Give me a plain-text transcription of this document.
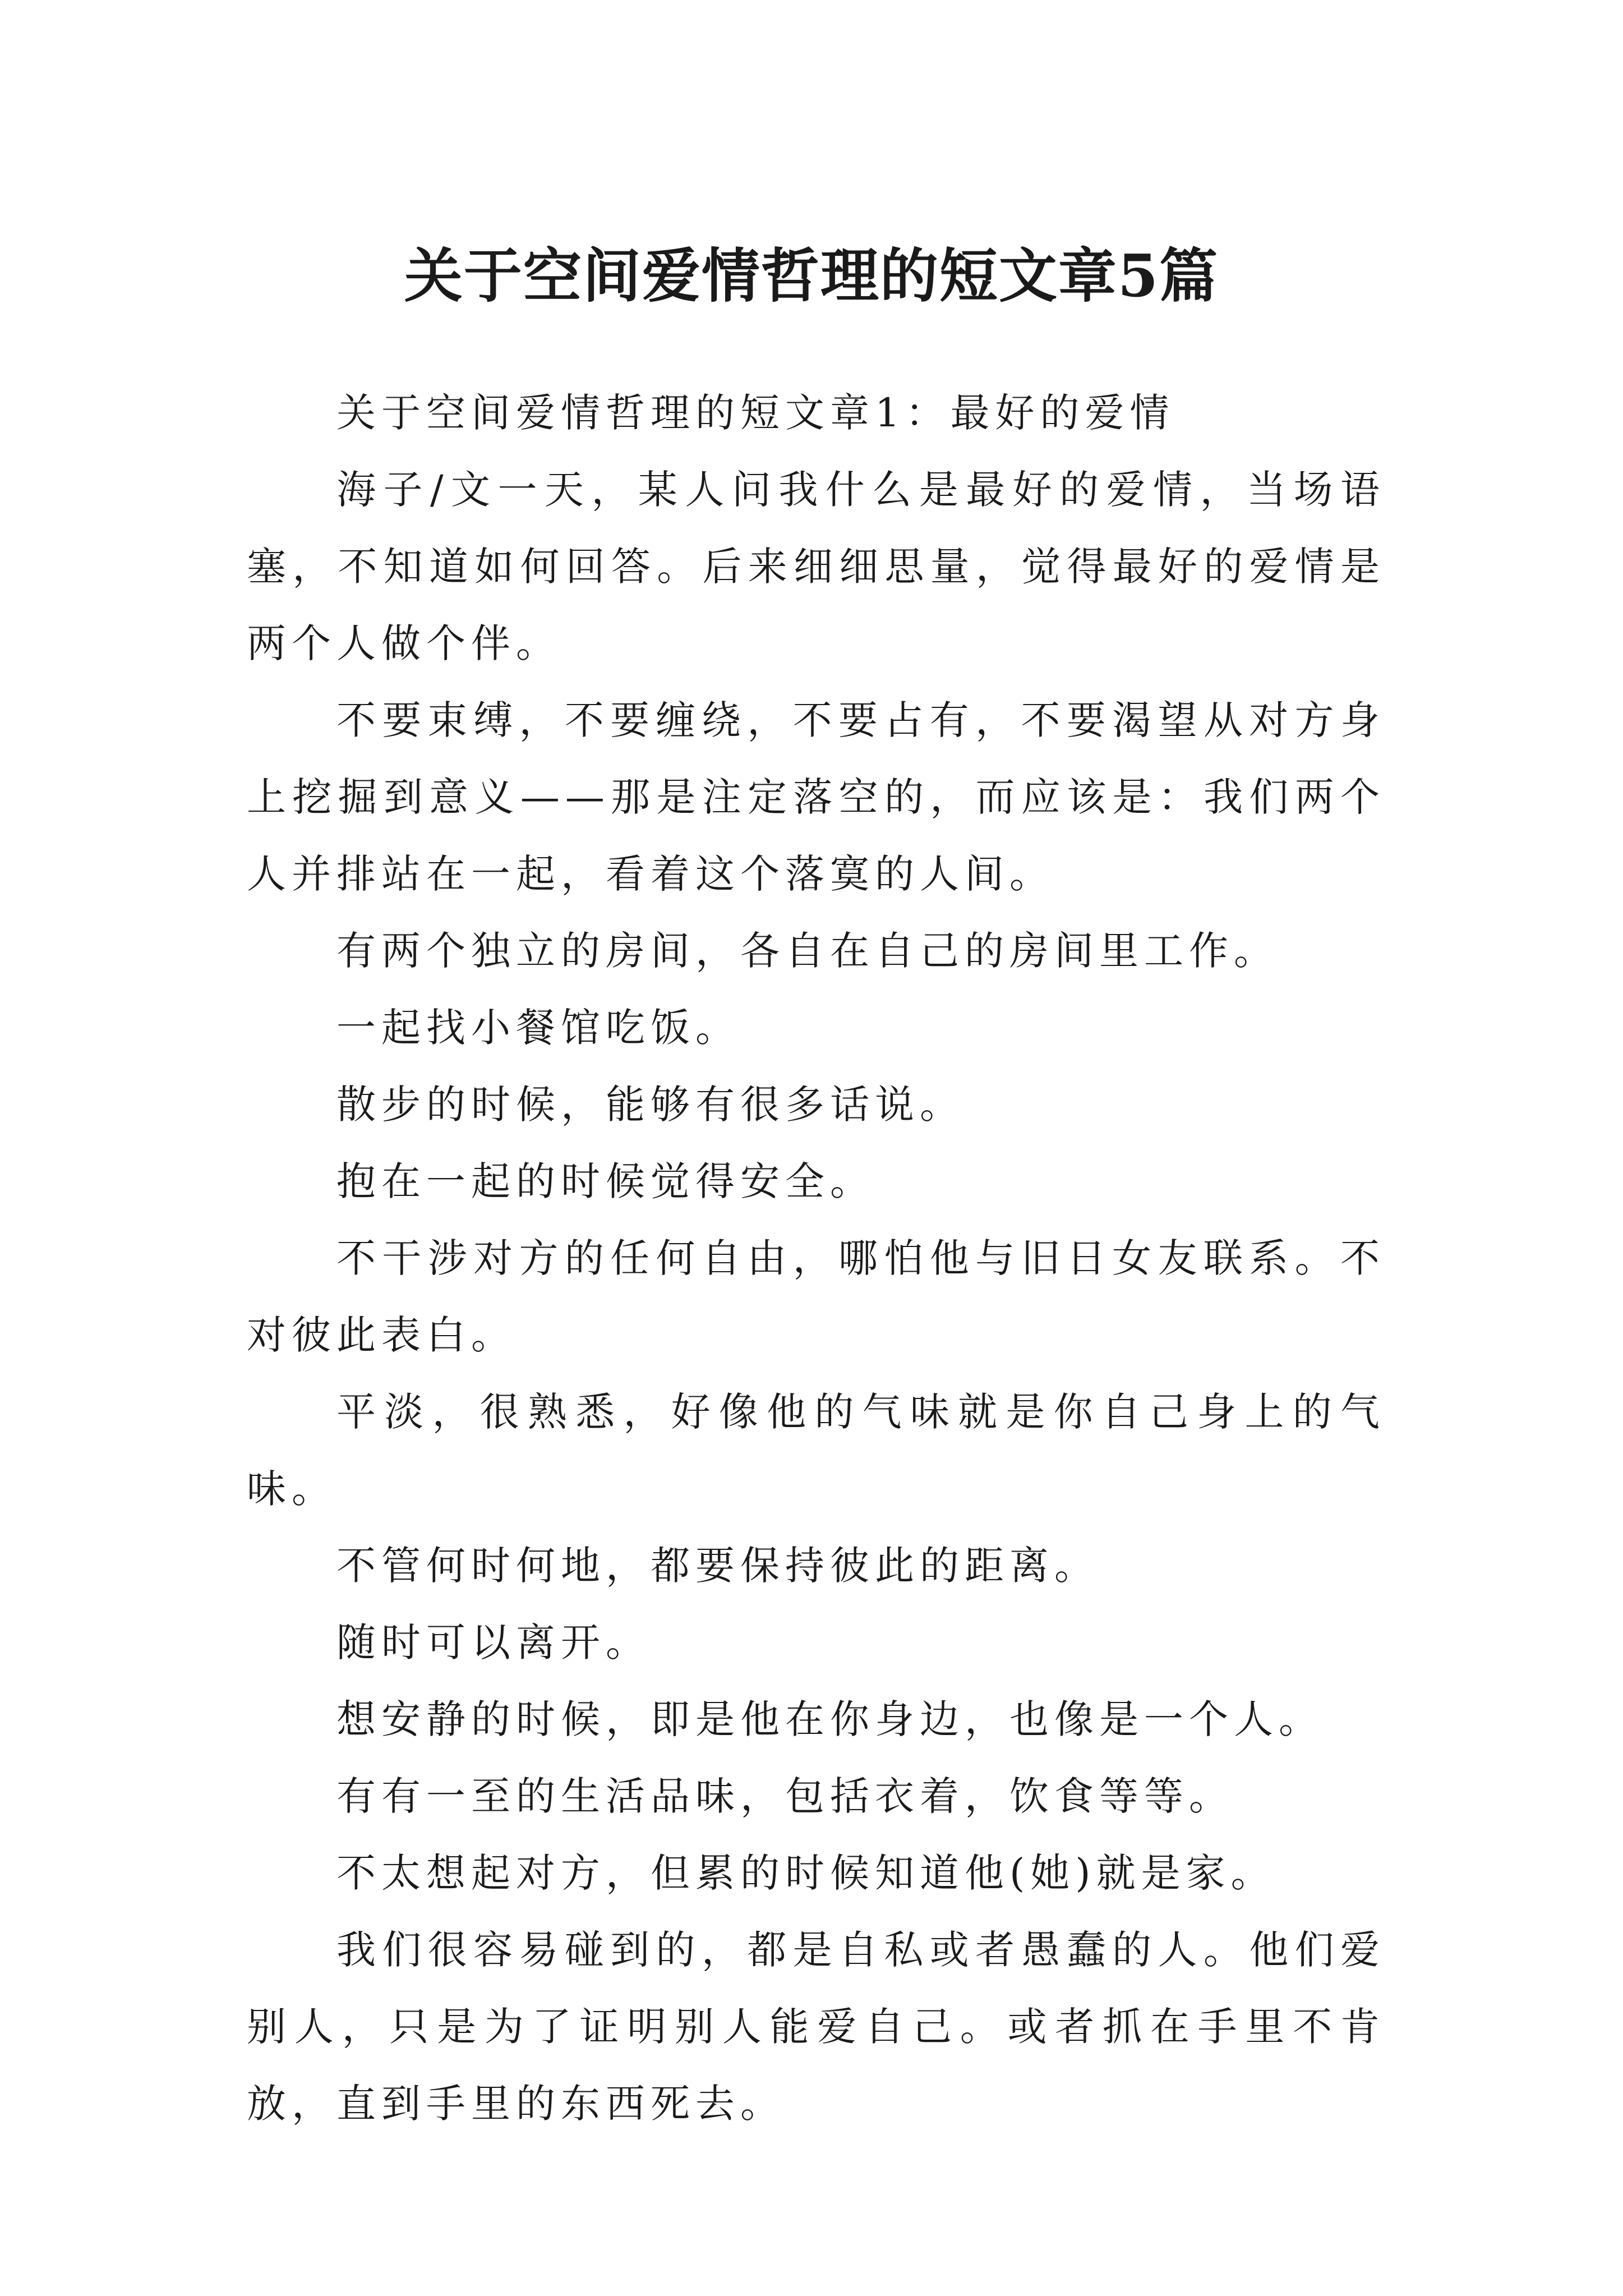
关于空间爱情哲理的短文章5篇

关于空间爱情哲理的短文章1：最好的爱情

海子/文一天，某人问我什么是最好的爱情，当场语塞，不知道如何回答。后来细细思量，觉得最好的爱情是两个人做个伴。

不要束缚，不要缠绕，不要占有，不要渴望从对方身上挖掘到意义——那是注定落空的，而应该是：我们两个人并排站在一起，看着这个落寞的人间。

有两个独立的房间，各自在自己的房间里工作。

一起找小餐馆吃饭。

散步的时候，能够有很多话说。

抱在一起的时候觉得安全。

不干涉对方的任何自由，哪怕他与旧日女友联系。不对彼此表白。

平淡，很熟悉，好像他的气味就是你自己身上的气味。

不管何时何地，都要保持彼此的距离。

随时可以离开。

想安静的时候，即是他在你身边，也像是一个人。

有有一至的生活品味，包括衣着，饮食等等。

不太想起对方，但累的时候知道他(她)就是家。

我们很容易碰到的，都是自私或者愚蠢的人。他们爱别人，只是为了证明别人能爱自己。或者抓在手里不肯放，直到手里的东西死去。
